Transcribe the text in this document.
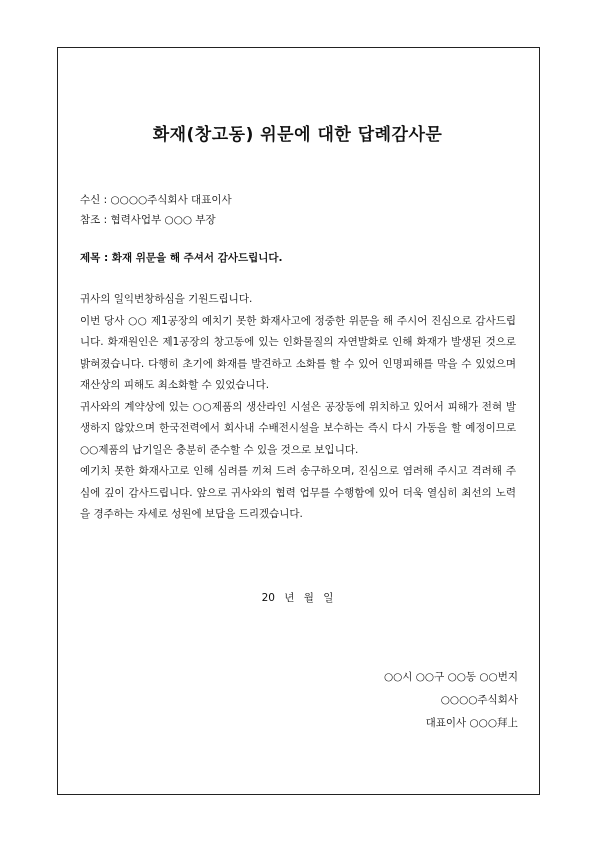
화재(창고동) 위문에 대한 답례감사문
수신 : ○○○○주식회사 대표이사
참조 : 협력사업부 ○○○ 부장
제목 : 화재 위문을 해 주셔서 감사드립니다.

귀사의 일익번창하심을 기원드립니다.

이번 당사 ○○ 제1공장의 예치기 못한 화재사고에 정중한 위문을 해 주시어 진심으로 감사드립니다. 화재원인은 제1공장의 창고동에 있는 인화물질의 자연발화로 인해 화재가 발생된 것으로 밝혀졌습니다. 다행히 초기에 화재를 발견하고 소화를 할 수 있어 인명피해를 막을 수 있었으며 재산상의 피해도 최소화할 수 있었습니다.

귀사와의 계약상에 있는 ○○제품의 생산라인 시설은 공장동에 위치하고 있어서 피해가 전혀 발생하지 않았으며 한국전력에서 회사내 수배전시설을 보수하는 즉시 다시 가동을 할 예정이므로 ○○제품의 납기일은 충분히 준수할 수 있을 것으로 보입니다.

예기치 못한 화재사고로 인해 심려를 끼쳐 드려 송구하오며, 진심으로 염려해 주시고 격려해 주심에 깊이 감사드립니다. 앞으로 귀사와의 협력 업무를 수행함에 있어 더욱 열심히 최선의 노력을 경주하는 자세로 성원에 보답을 드리겠습니다.

20 년 월 일
○○시 ○○구 ○○동 ○○번지
○○○○주식회사
대표이사 ○○○拜上
